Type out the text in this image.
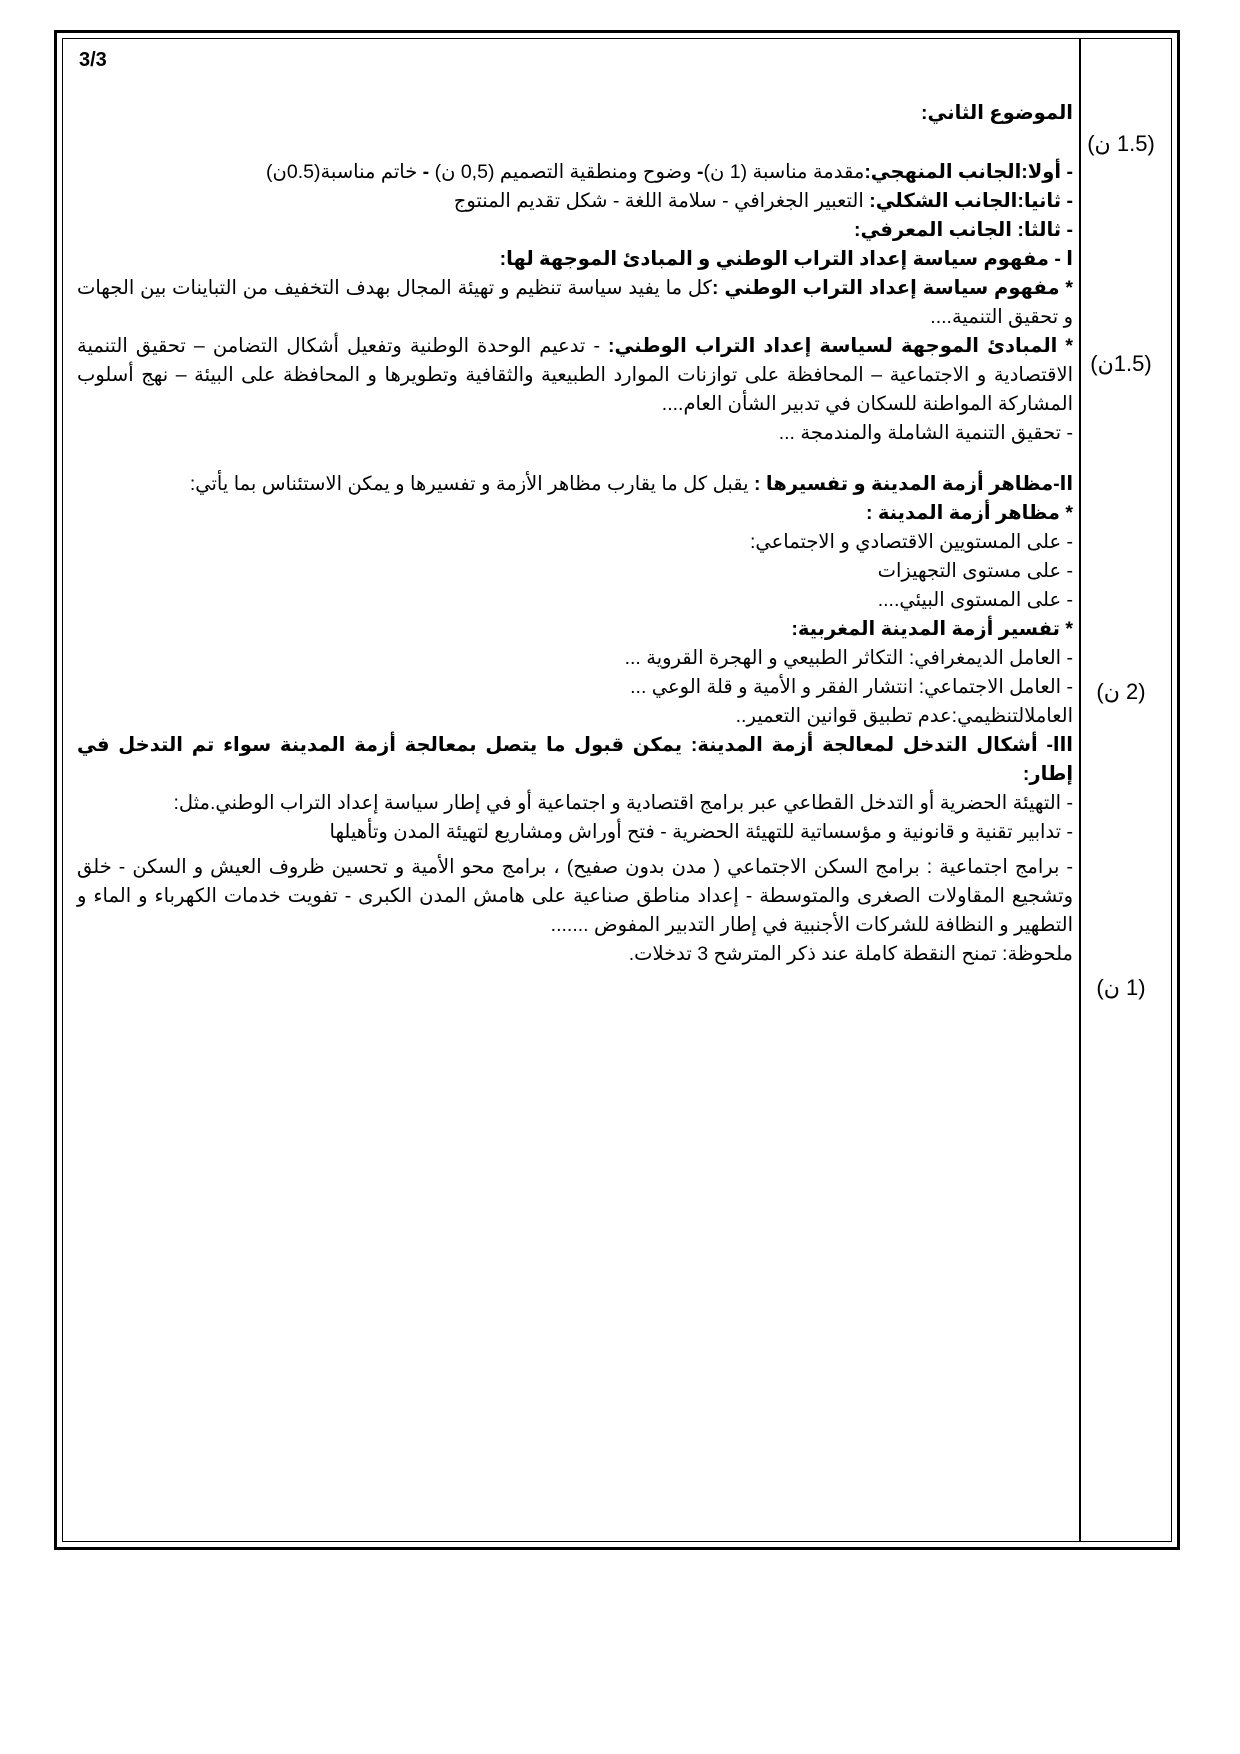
3/3
(1.5 ن)
(1.5ن)
(2 ن)
(1 ن)

الموضوع الثاني:

- أولا:الجانب المنهجي:مقدمة مناسبة (1 ن)- وضوح ومنطقية التصميم (0,5 ن) - خاتم مناسبة(0.5ن)

- ثانيا:الجانب الشكلي: التعبير الجغرافي - سلامة اللغة - شكل تقديم المنتوج

- ثالثا: الجانب المعرفي:

ا - مفهوم سياسة إعداد التراب الوطني و المبادئ الموجهة لها:

* مفهوم سياسة إعداد التراب الوطني :كل ما يفيد سياسة تنظيم و تهيئة المجال بهدف التخفيف من التباينات بين الجهات و تحقيق التنمية....

* المبادئ الموجهة لسياسة إعداد التراب الوطني: - تدعيم الوحدة الوطنية وتفعيل أشكال التضامن – تحقيق التنمية الاقتصادية و الاجتماعية – المحافظة على توازنات الموارد الطبيعية والثقافية وتطويرها و المحافظة على البيئة – نهج أسلوب المشاركة المواطنة للسكان في تدبير الشأن العام....

- تحقيق التنمية الشاملة والمندمجة ...

اا-مظاهر أزمة المدينة و تفسيرها : يقبل كل ما يقارب مظاهر الأزمة و تفسيرها و يمكن الاستئناس بما يأتي:

* مظاهر أزمة المدينة :

- على المستويين الاقتصادي و الاجتماعي:

- على مستوى التجهيزات

- على المستوى البيئي....

* تفسير أزمة المدينة المغربية:

- العامل الديمغرافي: التكاثر الطبيعي و الهجرة القروية ...

- العامل الاجتماعي: انتشار الفقر و الأمية و قلة الوعي ...

العاملالتنظيمي:عدم تطبيق قوانين التعمير..

ااا- أشكال التدخل لمعالجة أزمة المدينة: يمكن قبول ما يتصل بمعالجة أزمة المدينة سواء تم التدخل في إطار:

- التهيئة الحضرية أو التدخل القطاعي عبر برامج اقتصادية و اجتماعية أو في إطار سياسة إعداد التراب الوطني.مثل:

- تدابير تقنية و قانونية و مؤسساتية للتهيئة الحضرية - فتح أوراش ومشاريع لتهيئة المدن وتأهيلها

- برامج اجتماعية : برامج السكن الاجتماعي ( مدن بدون صفيح) ، برامج محو الأمية و تحسين ظروف العيش و السكن - خلق وتشجيع المقاولات الصغرى والمتوسطة - إعداد مناطق صناعية على هامش المدن الكبرى - تفويت خدمات الكهرباء و الماء و التطهير و النظافة للشركات الأجنبية في إطار التدبير المفوض .......

ملحوظة: تمنح النقطة كاملة عند ذكر المترشح 3 تدخلات.
